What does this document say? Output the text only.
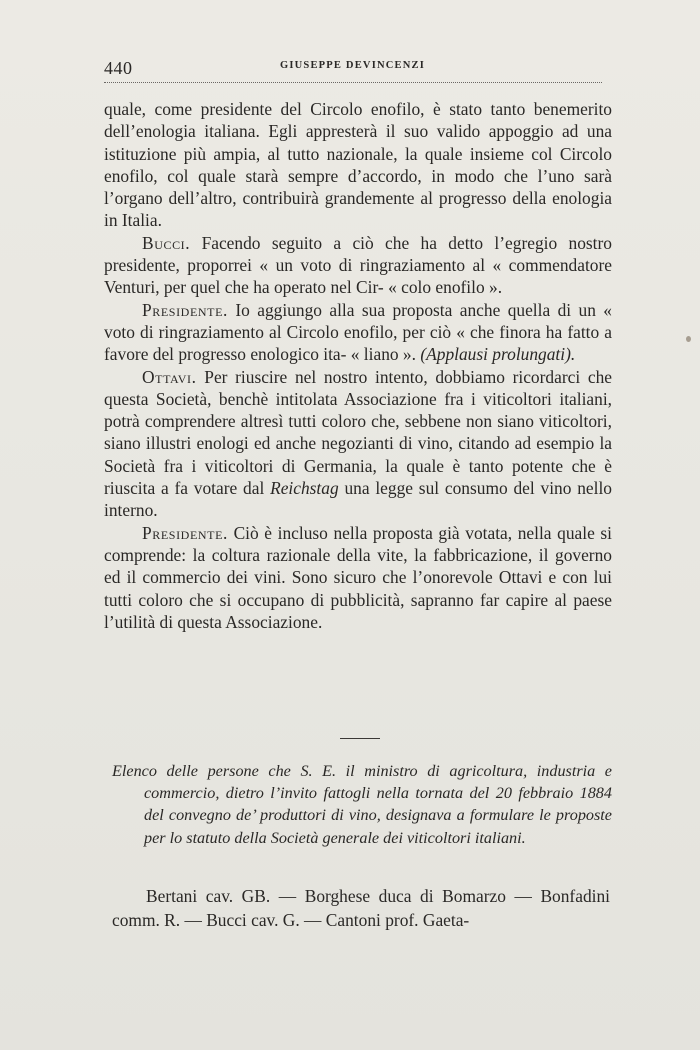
440	GIUSEPPE DEVINCENZI

quale, come presidente del Circolo enofilo, è stato tanto benemerito dell’enologia italiana. Egli appresterà il suo valido appoggio ad una istituzione più ampia, al tutto nazionale, la quale insieme col Circolo enofilo, col quale starà sempre d’accordo, in modo che l’uno sarà l’organo dell’altro, contribuirà grandemente al progresso della enologia in Italia.

Bucci. Facendo seguito a ciò che ha detto l’egregio nostro presidente, proporrei « un voto di ringraziamento al « commendatore Venturi, per quel che ha operato nel Cir- « colo enofilo ».

Presidente. Io aggiungo alla sua proposta anche quella di un « voto di ringraziamento al Circolo enofilo, per ciò « che finora ha fatto a favore del progresso enologico ita- « liano ». (Applausi prolungati).

Ottavi. Per riuscire nel nostro intento, dobbiamo ricordarci che questa Società, benchè intitolata Associazione fra i viticoltori italiani, potrà comprendere altresì tutti coloro che, sebbene non siano viticoltori, siano illustri enologi ed anche negozianti di vino, citando ad esempio la Società fra i viticoltori di Germania, la quale è tanto potente che è riuscita a fa votare dal Reichstag una legge sul consumo del vino nello interno.

Presidente. Ciò è incluso nella proposta già votata, nella quale si comprende: la coltura razionale della vite, la fabbricazione, il governo ed il commercio dei vini. Sono sicuro che l’onorevole Ottavi e con lui tutti coloro che si occupano di pubblicità, sapranno far capire al paese l’utilità di questa Associazione.

Elenco delle persone che S. E. il ministro di agricoltura, industria e commercio, dietro l’invito fattogli nella tornata del 20 febbraio 1884 del convegno de’ produttori di vino, designava a formulare le proposte per lo statuto della Società generale dei viticoltori italiani.

Bertani cav. GB. — Borghese duca di Bomarzo — Bonfadini comm. R. — Bucci cav. G. — Cantoni prof. Gaeta-
